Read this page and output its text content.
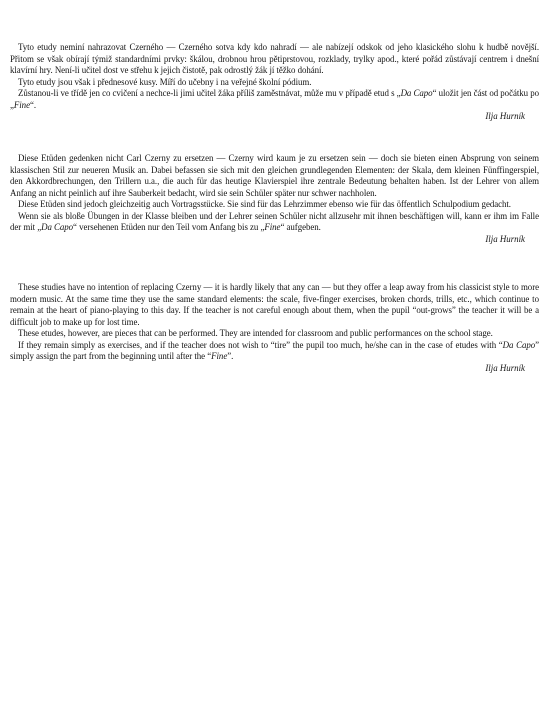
Tyto etudy neminí nahrazovat Czerného — Czerného sotva kdy kdo nahradí — ale nabízejí odskok od jeho klasického slohu k hudbě novější. Přitom se však obírají týmiž standardními prvky: škálou, drobnou hrou pětiprstovou, rozklady, trylky apod., které pořád zůstávají centrem i dnešní klavírní hry. Není-li učitel dost ve střehu k jejich čistotě, pak odrostlý žák jí těžko dohání.

Tyto etudy jsou však i přednesové kusy. Míří do učebny i na veřejné školní pódium.

Zůstanou-li ve třídě jen co cvičení a nechce-li jimi učitel žáka příliš zaměstnávat, může mu v případě etud s „Da Capo“ uložit jen část od počátku po „Fine“.

Ilja Hurník

Diese Etüden gedenken nicht Carl Czerny zu ersetzen — Czerny wird kaum je zu ersetzen sein — doch sie bieten einen Absprung von seinem klassischen Stil zur neueren Musik an. Dabei befassen sie sich mit den gleichen grundlegenden Elementen: der Skala, dem kleinen Fünffingerspiel, den Akkordbrechungen, den Trillern u.a., die auch für das heutige Klavierspiel ihre zentrale Bedeutung behalten haben. Ist der Lehrer von allem Anfang an nicht peinlich auf ihre Sauberkeit bedacht, wird sie sein Schüler später nur schwer nachholen.

Diese Etüden sind jedoch gleichzeitig auch Vortragsstücke. Sie sind für das Lehrzimmer ebenso wie für das öffentlich Schulpodium gedacht.

Wenn sie als bloße Übungen in der Klasse bleiben und der Lehrer seinen Schüler nicht allzusehr mit ihnen beschäftigen will, kann er ihm im Falle der mit „Da Capo“ versehenen Etüden nur den Teil vom Anfang bis zu „Fine“ aufgeben.

Ilja Hurník

These studies have no intention of replacing Czerny — it is hardly likely that any can — but they offer a leap away from his classicist style to more modern music. At the same time they use the same standard elements: the scale, five-finger exercises, broken chords, trills, etc., which continue to remain at the heart of piano-playing to this day. If the teacher is not careful enough about them, when the pupil “out-grows” the teacher it will be a difficult job to make up for lost time.

These etudes, however, are pieces that can be performed. They are intended for classroom and public performances on the school stage.

If they remain simply as exercises, and if the teacher does not wish to “tire” the pupil too much, he/she can in the case of etudes with “Da Capo” simply assign the part from the beginning until after the “Fine”.

Ilja Hurník
